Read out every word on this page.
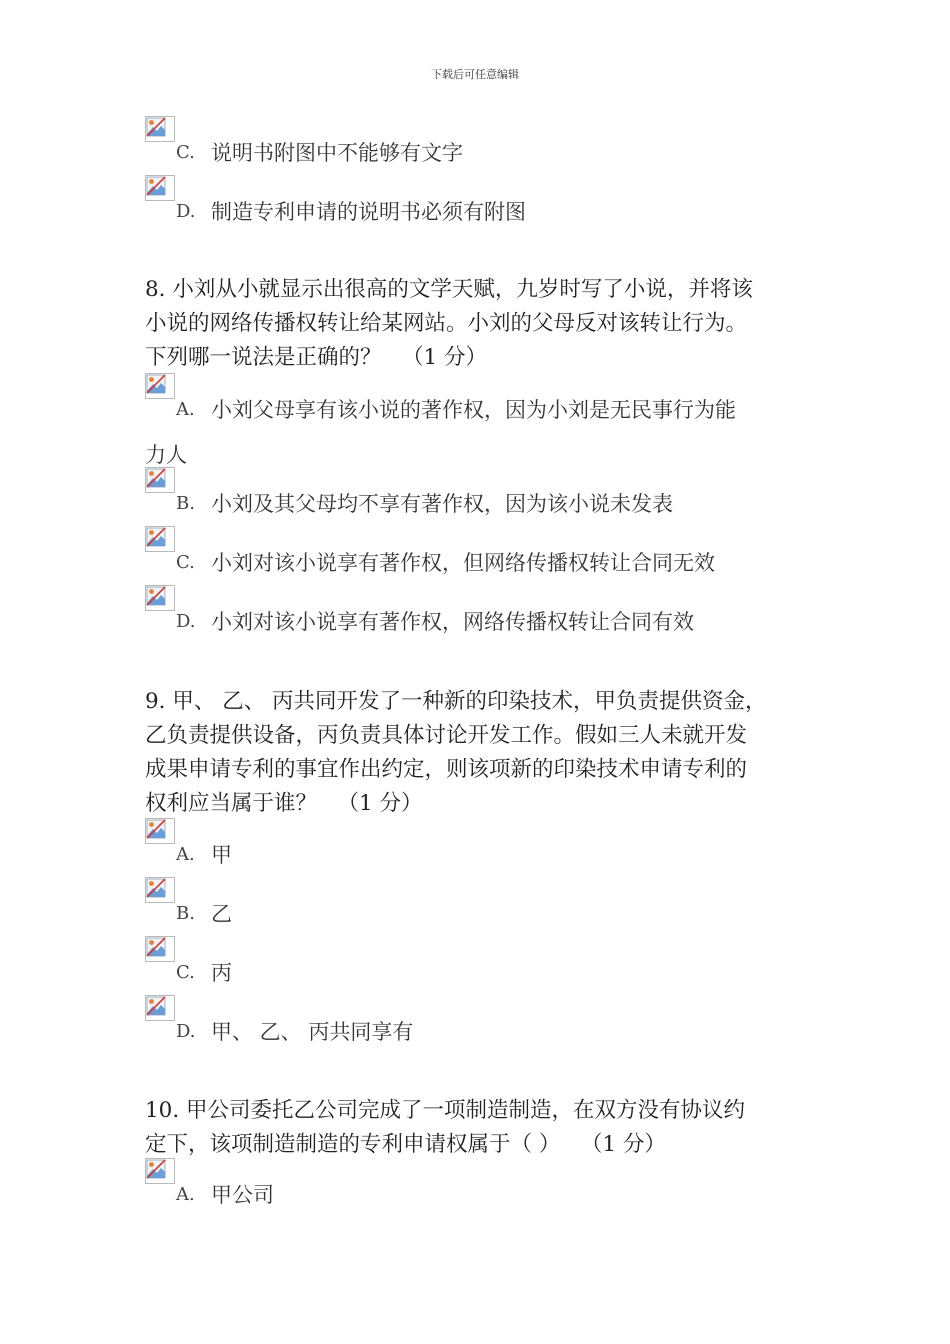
下载后可任意编辑
C. 说明书附图中不能够有文字
D. 制造专利申请的说明书必须有附图
8. 小刘从小就显示出很高的文学天赋，九岁时写了小说，并将该
小说的网络传播权转让给某网站。小刘的父母反对该转让行为。
下列哪一说法是正确的？ （1 分）
A. 小刘父母享有该小说的著作权，因为小刘是无民事行为能
力人
B. 小刘及其父母均不享有著作权，因为该小说未发表
C. 小刘对该小说享有著作权，但网络传播权转让合同无效
D. 小刘对该小说享有著作权，网络传播权转让合同有效
9. 甲、 乙、 丙共同开发了一种新的印染技术，甲负责提供资金，
乙负责提供设备，丙负责具体讨论开发工作。假如三人未就开发
成果申请专利的事宜作出约定，则该项新的印染技术申请专利的
权利应当属于谁？ （1 分）
A. 甲
B. 乙
C. 丙
D. 甲、 乙、 丙共同享有
10. 甲公司委托乙公司完成了一项制造制造，在双方没有协议约
定下，该项制造制造的专利申请权属于（ ） （1 分）
A. 甲公司
